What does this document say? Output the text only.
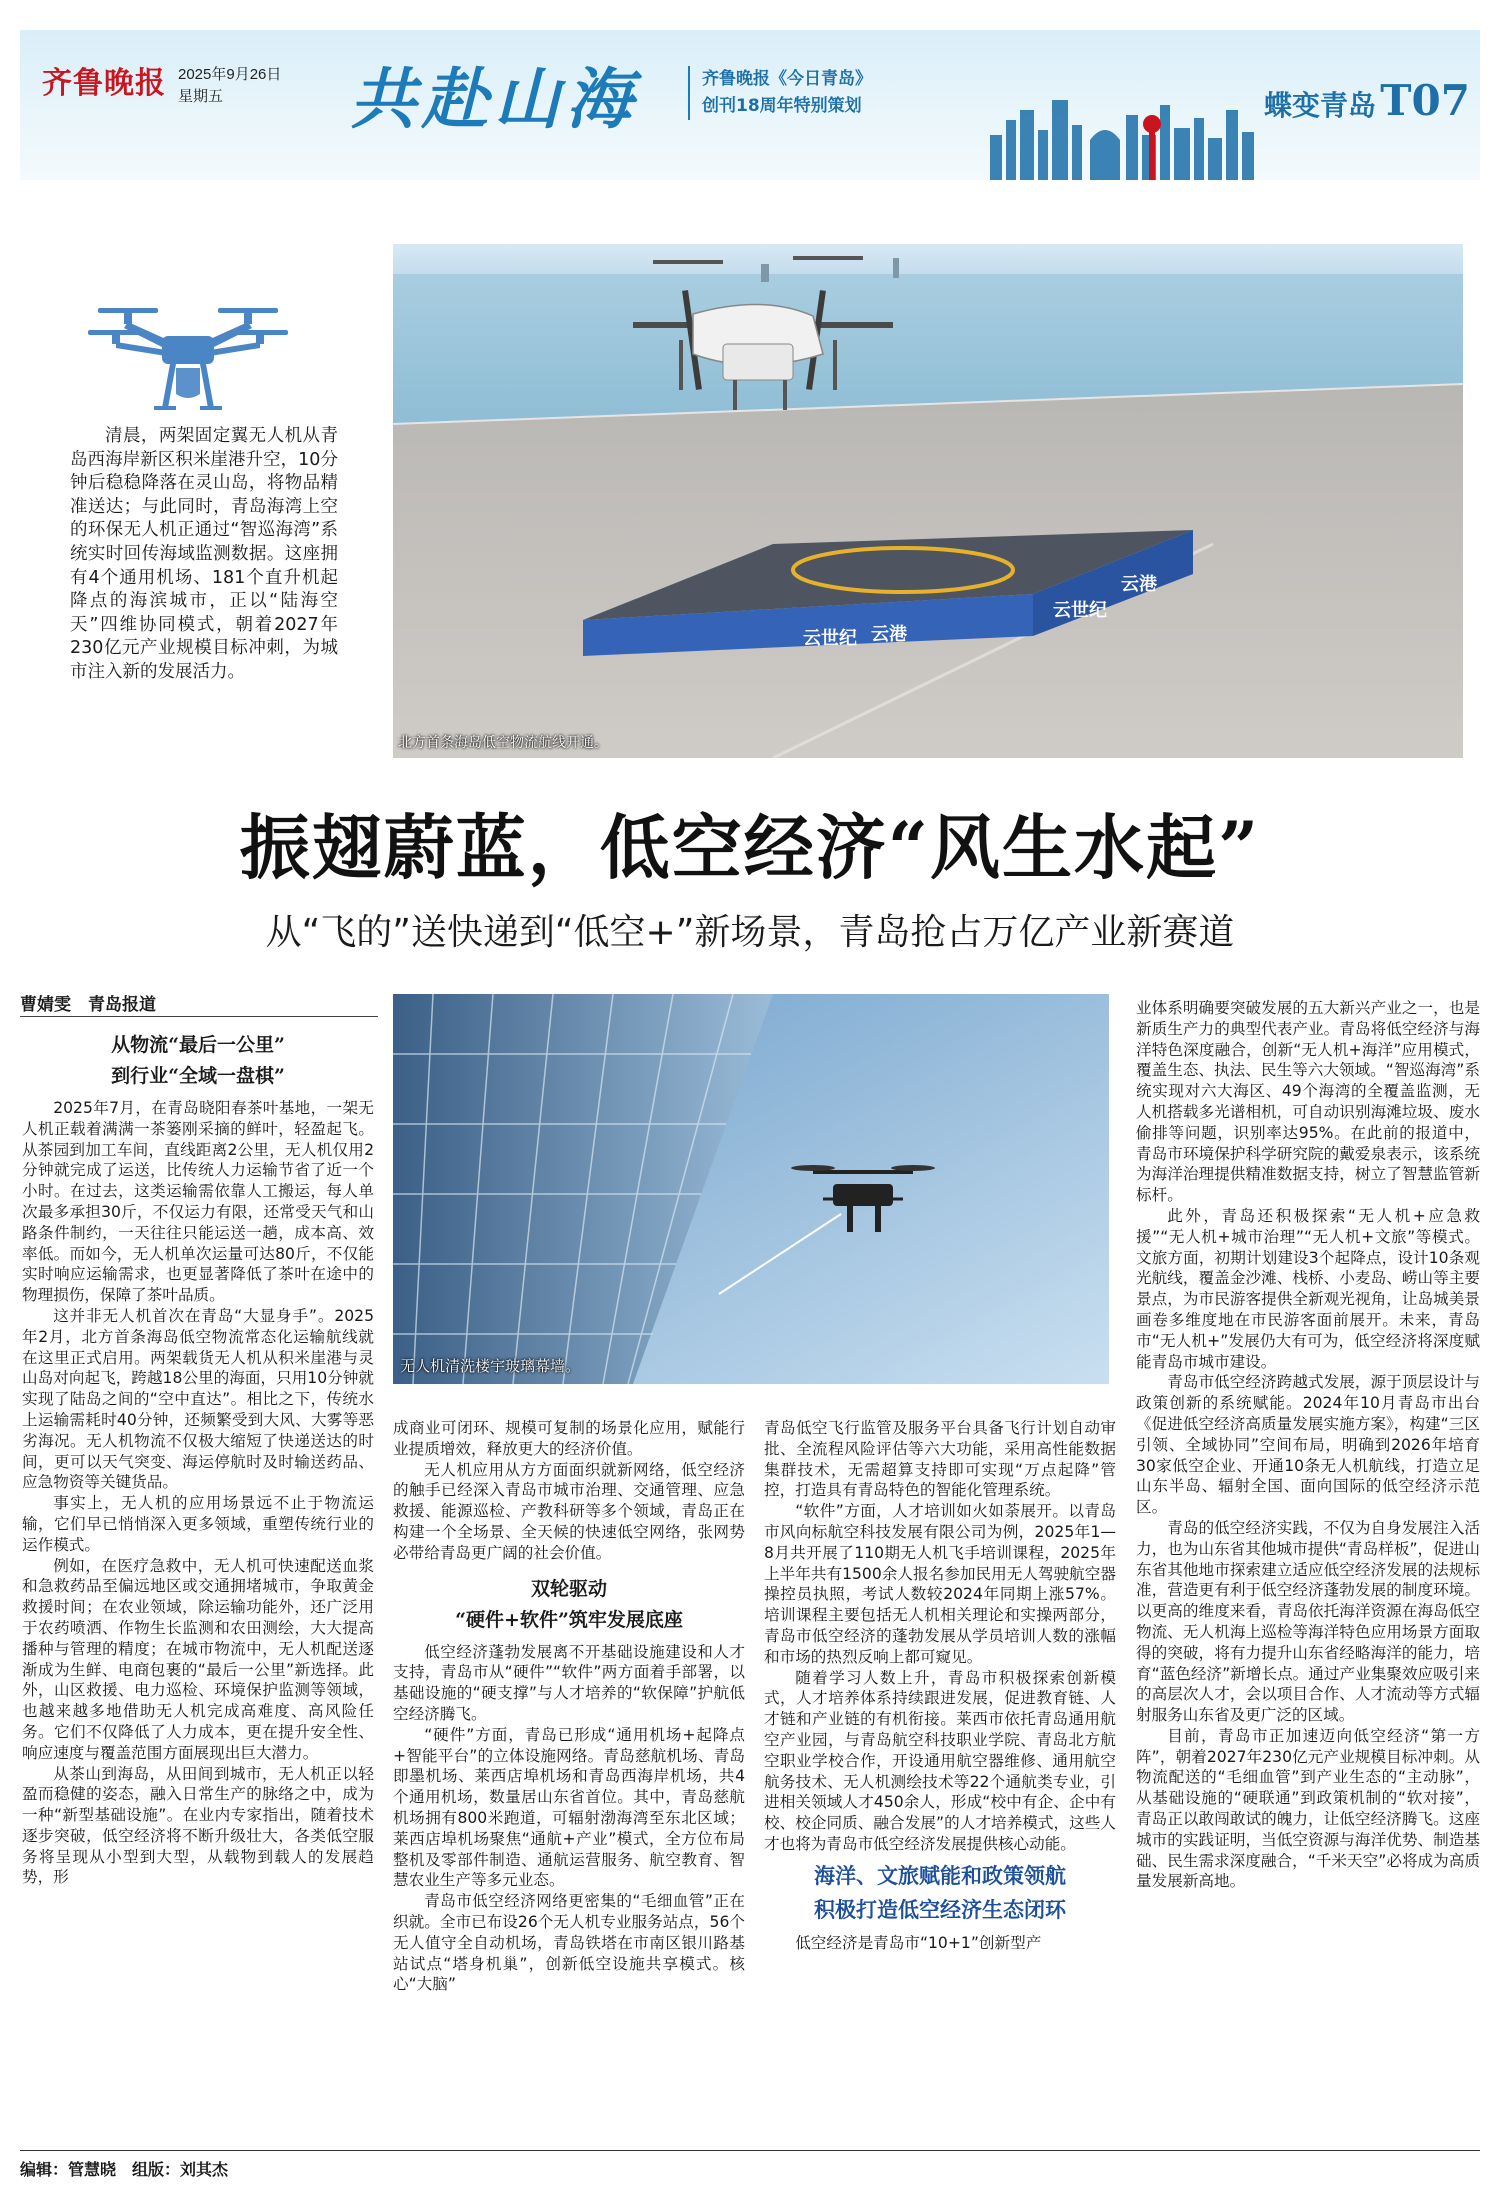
齐鲁晚报 2025年9月26日
星期五	共赴山海	齐鲁晚报《今日青岛》
创刊18周年特别策划	蝶变青岛 T07
清晨，两架固定翼无人机从青岛西海岸新区积米崖港升空，10分钟后稳稳降落在灵山岛，将物品精准送达；与此同时，青岛海湾上空的环保无人机正通过“智巡海湾”系统实时回传海域监测数据。这座拥有4个通用机场、181个直升机起降点的海滨城市，正以“陆海空天”四维协同模式，朝着2027年230亿元产业规模目标冲刺，为城市注入新的发展活力。
云世纪 云港
云世纪
云港
北方首条海岛低空物流航线开通。
振翅蔚蓝，低空经济“风生水起”
从“飞的”送快递到“低空+”新场景，青岛抢占万亿产业新赛道
曹婧雯　青岛报道
从物流“最后一公里”
到行业“全域一盘棋”

2025年7月，在青岛晓阳春茶叶基地，一架无人机正载着满满一茶篓刚采摘的鲜叶，轻盈起飞。从茶园到加工车间，直线距离2公里，无人机仅用2分钟就完成了运送，比传统人力运输节省了近一个小时。在过去，这类运输需依靠人工搬运，每人单次最多承担30斤，不仅运力有限，还常受天气和山路条件制约，一天往往只能运送一趟，成本高、效率低。而如今，无人机单次运量可达80斤，不仅能实时响应运输需求，也更显著降低了茶叶在途中的物理损伤，保障了茶叶品质。

这并非无人机首次在青岛“大显身手”。2025年2月，北方首条海岛低空物流常态化运输航线就在这里正式启用。两架载货无人机从积米崖港与灵山岛对向起飞，跨越18公里的海面，只用10分钟就实现了陆岛之间的“空中直达”。相比之下，传统水上运输需耗时40分钟，还频繁受到大风、大雾等恶劣海况。无人机物流不仅极大缩短了快递送达的时间，更可以天气突变、海运停航时及时输送药品、应急物资等关键货品。

事实上，无人机的应用场景远不止于物流运输，它们早已悄悄深入更多领域，重塑传统行业的运作模式。

例如，在医疗急救中，无人机可快速配送血浆和急救药品至偏远地区或交通拥堵城市，争取黄金救援时间；在农业领域，除运输功能外，还广泛用于农药喷洒、作物生长监测和农田测绘，大大提高播种与管理的精度；在城市物流中，无人机配送逐渐成为生鲜、电商包裹的“最后一公里”新选择。此外，山区救援、电力巡检、环境保护监测等领域，也越来越多地借助无人机完成高难度、高风险任务。它们不仅降低了人力成本，更在提升安全性、响应速度与覆盖范围方面展现出巨大潜力。

从茶山到海岛，从田间到城市，无人机正以轻盈而稳健的姿态，融入日常生产的脉络之中，成为一种“新型基础设施”。在业内专家指出，随着技术逐步突破，低空经济将不断升级壮大，各类低空服务将呈现从小型到大型，从载物到载人的发展趋势，形

无人机清洗楼宇玻璃幕墙。

成商业可闭环、规模可复制的场景化应用，赋能行业提质增效，释放更大的经济价值。

无人机应用从方方面面织就新网络，低空经济的触手已经深入青岛市城市治理、交通管理、应急救援、能源巡检、产教科研等多个领域，青岛正在构建一个全场景、全天候的快速低空网络，张网势必带给青岛更广阔的社会价值。

双轮驱动
“硬件+软件”筑牢发展底座

低空经济蓬勃发展离不开基础设施建设和人才支持，青岛市从“硬件”“软件”两方面着手部署，以基础设施的“硬支撑”与人才培养的“软保障”护航低空经济腾飞。

“硬件”方面，青岛已形成“通用机场+起降点+智能平台”的立体设施网络。青岛慈航机场、青岛即墨机场、莱西店埠机场和青岛西海岸机场，共4个通用机场，数量居山东省首位。其中，青岛慈航机场拥有800米跑道，可辐射渤海湾至东北区域；莱西店埠机场聚焦“通航+产业”模式，全方位布局整机及零部件制造、通航运营服务、航空教育、智慧农业生产等多元业态。

青岛市低空经济网络更密集的“毛细血管”正在织就。全市已布设26个无人机专业服务站点，56个无人值守全自动机场，青岛铁塔在市南区银川路基站试点“塔身机巢”，创新低空设施共享模式。核心“大脑”

青岛低空飞行监管及服务平台具备飞行计划自动审批、全流程风险评估等六大功能，采用高性能数据集群技术，无需超算支持即可实现“万点起降”管控，打造具有青岛特色的智能化管理系统。

“软件”方面，人才培训如火如荼展开。以青岛市风向标航空科技发展有限公司为例，2025年1—8月共开展了110期无人机飞手培训课程，2025年上半年共有1500余人报名参加民用无人驾驶航空器操控员执照，考试人数较2024年同期上涨57%。培训课程主要包括无人机相关理论和实操两部分，青岛市低空经济的蓬勃发展从学员培训人数的涨幅和市场的热烈反响上都可窥见。

随着学习人数上升，青岛市积极探索创新模式，人才培养体系持续跟进发展，促进教育链、人才链和产业链的有机衔接。莱西市依托青岛通用航空产业园，与青岛航空科技职业学院、青岛北方航空职业学校合作，开设通用航空器维修、通用航空航务技术、无人机测绘技术等22个通航类专业，引进相关领域人才450余人，形成“校中有企、企中有校、校企同质、融合发展”的人才培养模式，这些人才也将为青岛市低空经济发展提供核心动能。

海洋、文旅赋能和政策领航
积极打造低空经济生态闭环

低空经济是青岛市“10+1”创新型产

业体系明确要突破发展的五大新兴产业之一，也是新质生产力的典型代表产业。青岛将低空经济与海洋特色深度融合，创新“无人机+海洋”应用模式，覆盖生态、执法、民生等六大领域。“智巡海湾”系统实现对六大海区、49个海湾的全覆盖监测，无人机搭载多光谱相机，可自动识别海滩垃圾、废水偷排等问题，识别率达95%。在此前的报道中，青岛市环境保护科学研究院的戴爱泉表示，该系统为海洋治理提供精准数据支持，树立了智慧监管新标杆。

此外，青岛还积极探索“无人机+应急救援”“无人机+城市治理”“无人机+文旅”等模式。文旅方面，初期计划建设3个起降点，设计10条观光航线，覆盖金沙滩、栈桥、小麦岛、崂山等主要景点，为市民游客提供全新观光视角，让岛城美景画卷多维度地在市民游客面前展开。未来，青岛市“无人机+”发展仍大有可为，低空经济将深度赋能青岛市城市建设。

青岛市低空经济跨越式发展，源于顶层设计与政策创新的系统赋能。2024年10月青岛市出台《促进低空经济高质量发展实施方案》，构建“三区引领、全域协同”空间布局，明确到2026年培育30家低空企业、开通10条无人机航线，打造立足山东半岛、辐射全国、面向国际的低空经济示范区。

青岛的低空经济实践，不仅为自身发展注入活力，也为山东省其他城市提供“青岛样板”，促进山东省其他地市探索建立适应低空经济发展的法规标准，营造更有利于低空经济蓬勃发展的制度环境。以更高的维度来看，青岛依托海洋资源在海岛低空物流、无人机海上巡检等海洋特色应用场景方面取得的突破，将有力提升山东省经略海洋的能力，培育“蓝色经济”新增长点。通过产业集聚效应吸引来的高层次人才，会以项目合作、人才流动等方式辐射服务山东省及更广泛的区域。

目前，青岛市正加速迈向低空经济“第一方阵”，朝着2027年230亿元产业规模目标冲刺。从物流配送的“毛细血管”到产业生态的“主动脉”，从基础设施的“硬联通”到政策机制的“软对接”，青岛正以敢闯敢试的魄力，让低空经济腾飞。这座城市的实践证明，当低空资源与海洋优势、制造基础、民生需求深度融合，“千米天空”必将成为高质量发展新高地。

编辑：管慧晓　组版：刘其杰
